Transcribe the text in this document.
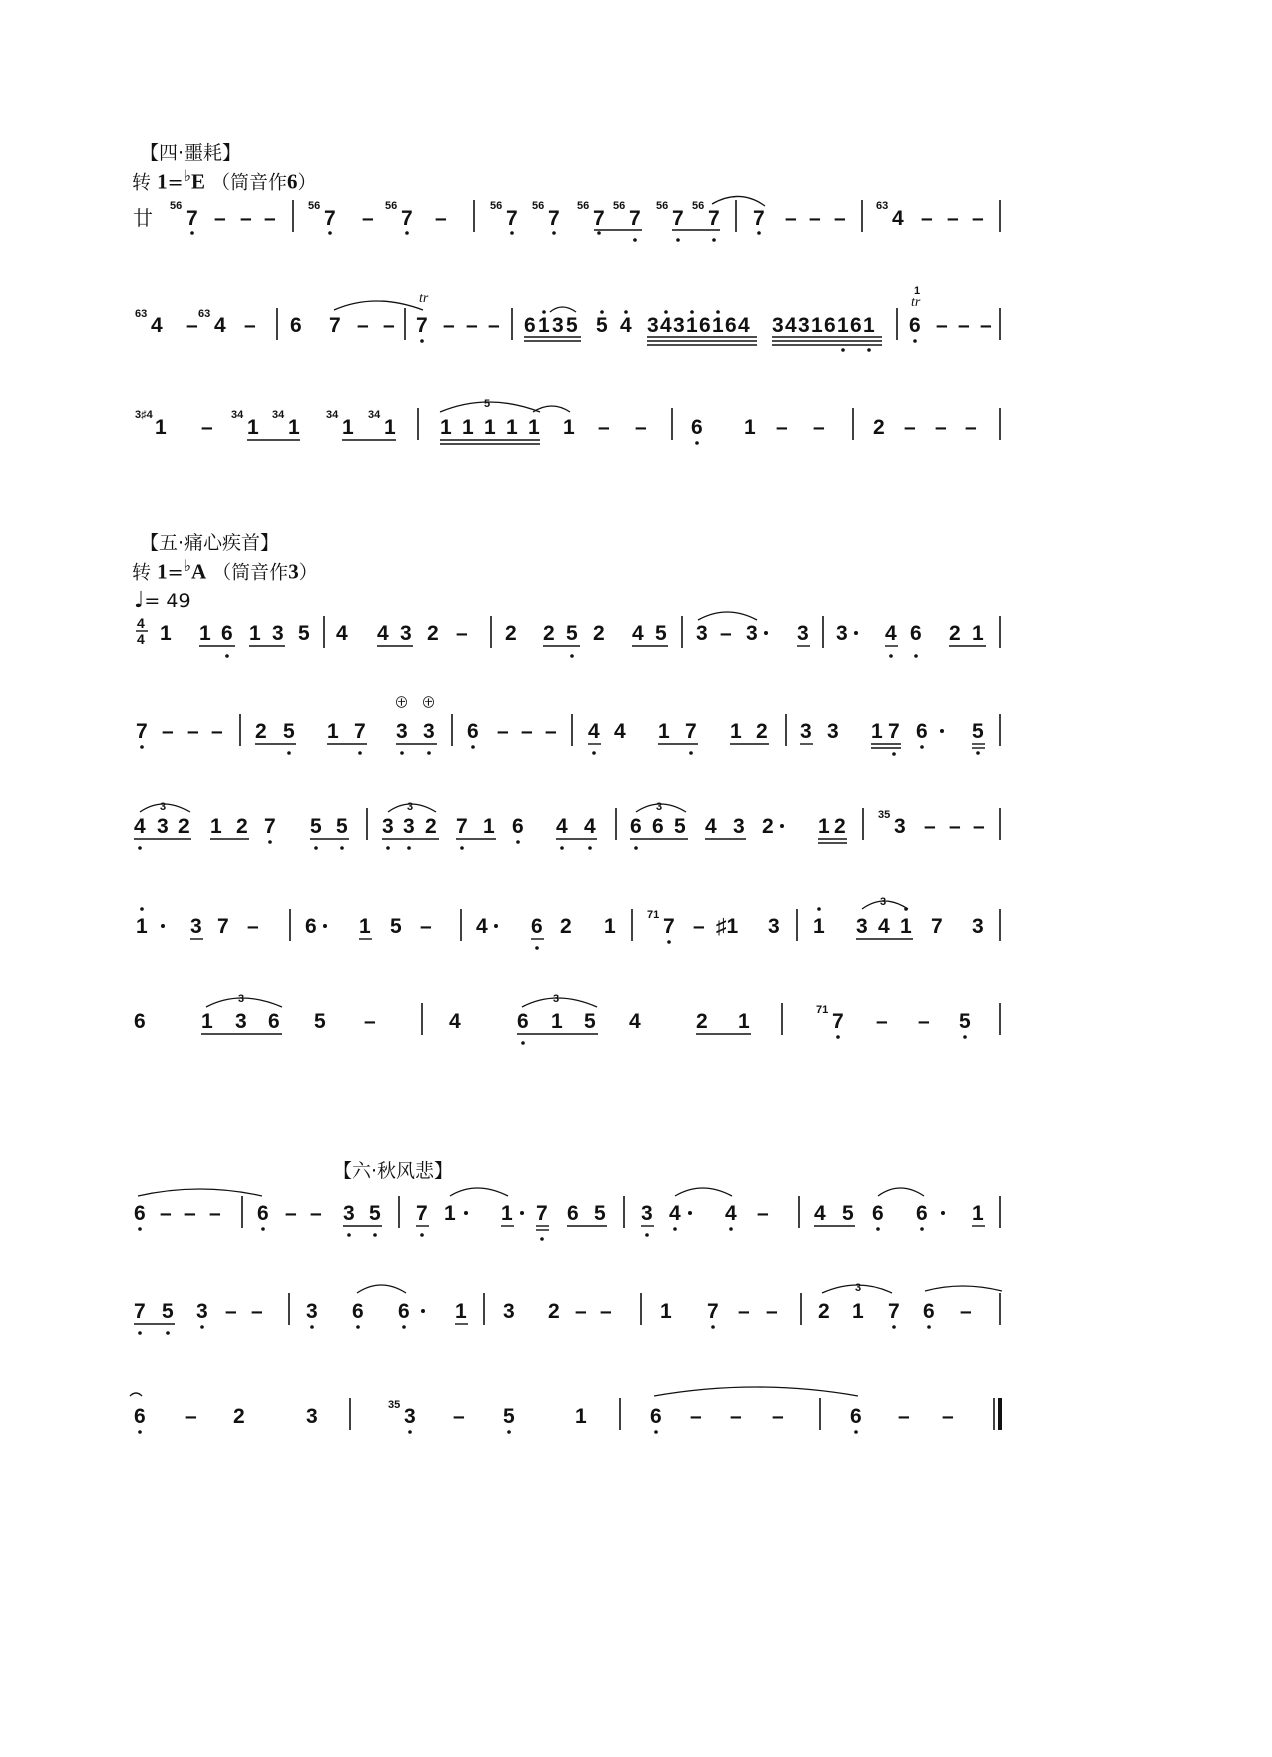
【四·噩耗】
转 1=♭E （筒音作6）
廿
56
7 – – –
56
7 –
56
7 –
56
7
56
7
56
7
56
7
56
7
56
7 7 – – –
63
4 – – –
63 4 – 63 4 – 6 7 – –
tr
7 – – – 6 1 3 5 5 4 3 4 3 1 6 1 6 4 3 4 3 1 6 1 6 1
1
tr
6 – – –
3♯4
1 –
34
1
34
1
34
1
34
1
5
1 1 1 1 1 1 – – 6 1 – – 2 – – –
【五·痛心疾首】
转 1=♭A （筒音作3）
♩= 49
4
4 1 1 6 1 3 5 4 4 3 2 – 2 2 5 2 4 5 3 – 3 3 3 4 6 2 1
7 – – – 2 5 1 7
㊉ ㊉
3 3 6 – – – 4 4 1 7 1 2 3 3 1 7 6 5
3
4 3 2 1 2 7 5 5
3
3 3 2 7 1 6 4 4
3
6 6 5 4 3 2 1 2	35 3 – – –
1 3 7 – 6 1 5 – 4 6 2 1	71 7 – ♯1 3 1
3
3 4 1 7 3
6
3
1 3 6 5 –	4
3
6 1 5 4	2 1	71 7 – – 5
【六·秋风悲】
6 – – – 6 – – 3 5 7 1 1 7 6 5 3 4 4 – 4 5 6 6 1
7 5 3 – – 3 6 6 1 3 2 – – 1 7 – –
3
2 1 7 6 –
6 – 2	3	35 3 – 5	1	6 – – –	6 – –
